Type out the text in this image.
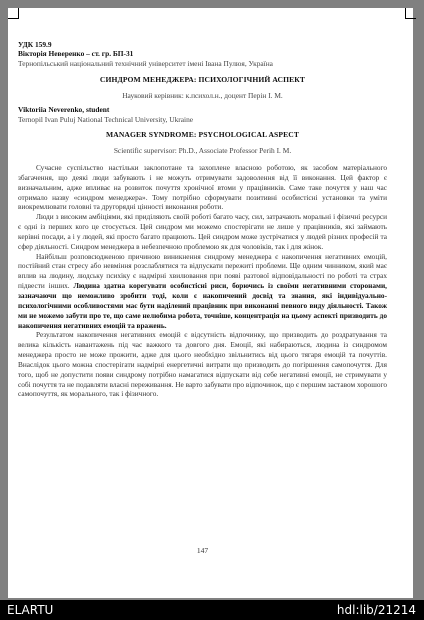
УДК 159.9
Вікторія Неверенко – ст. гр. БП-31
Тернопільський національний технічний університет імені Івана Пулюя, Україна
СИНДРОМ МЕНЕДЖЕРА: ПСИХОЛОГІЧНИЙ АСПЕКТ
Науковий керівник: к.психол.н., доцент Перін І. М.
Viktoriia Neverenko, student
Ternopil Ivan Puluj National Technical University, Ukraine
MANAGER SYNDROME: PSYCHOLOGICAL ASPECT
Scientific supervisor: Ph.D., Associate Professor Perih I. M.

Сучасне суспільство настільки заклопотане та захоплене власною роботою, як засобом матеріального збагачення, що деякі люди забувають і не можуть отримувати задоволення від її виконання. Цей фактор є визначальним, адже впливає на розвиток почуття хронічної втоми у працівників. Саме таке почуття у наш час отримало назву «синдром менеджера». Тому потрібно сформувати позитивні особистісні установки та уміти виокремлювати головні та другорядні цінності виконання роботи.

Люди з високим амбіціями, які приділяють своїй роботі багато часу, сил, затрачають моральні і фізичні ресурси є одні із перших кого це стосується. Цей синдром ми можемо спостерігати не лише у працівників, які займають керівні посади, а і у людей, які просто багато працюють. Цей синдром може зустрічатися у людей різних професій та сфер діяльності. Синдром менеджера в небезпечною проблемою як для чоловіків, так і для жінок.

Найбільш розповсюдженою причиною виникнення синдрому менеджера є накопичення негативних емоцій, постійний стан стресу або невміння розслаблятися та відпускати пережиті проблеми. Ще одним чинником, який має вплив на людину, людську психіку є надмірні хвилювання при появі разтової відповідальності по роботі та страх підвести інших. Людина здатна корегувати особистісні риси, борючись із своїми негативними сторонами, зазначаючи що неможливо зробити тоді, коли є накопичений досвід та знання, які індивідуально-психологічними особливостями має бути наділений працівник при виконанні певного виду діяльності. Також ми не можемо забути про те, що саме нелюбима робота, точніше, концентрація на цьому аспекті призводить до накопичення негативних емоцій та вражень.

Результатом накопичення негативних емоцій є відсутність відпочинку, що призводить до роздратування та велика кількість навантажень під час важкого та довгого дня. Емоції, які набираються, людина із синдромом менеджера просто не може прожити, адже для цього необхідно звільнитись від цього тягаря емоцій та почуттів. Внаслідок цього можна спостерігати надмірні енергетичні витрати що призводить до погіршення самопочуття. Для того, щоб не допустити появи синдрому потрібно намагатися відпускати від себе негативні емоції, не стримувати у собі почуття та не подавляти власні переживання. Не варто забувати про відпочинок, що є першим заставом хорошого самопочуття, як морального, так і фізичного.

147
ELARTU	hdl:lib/21214
